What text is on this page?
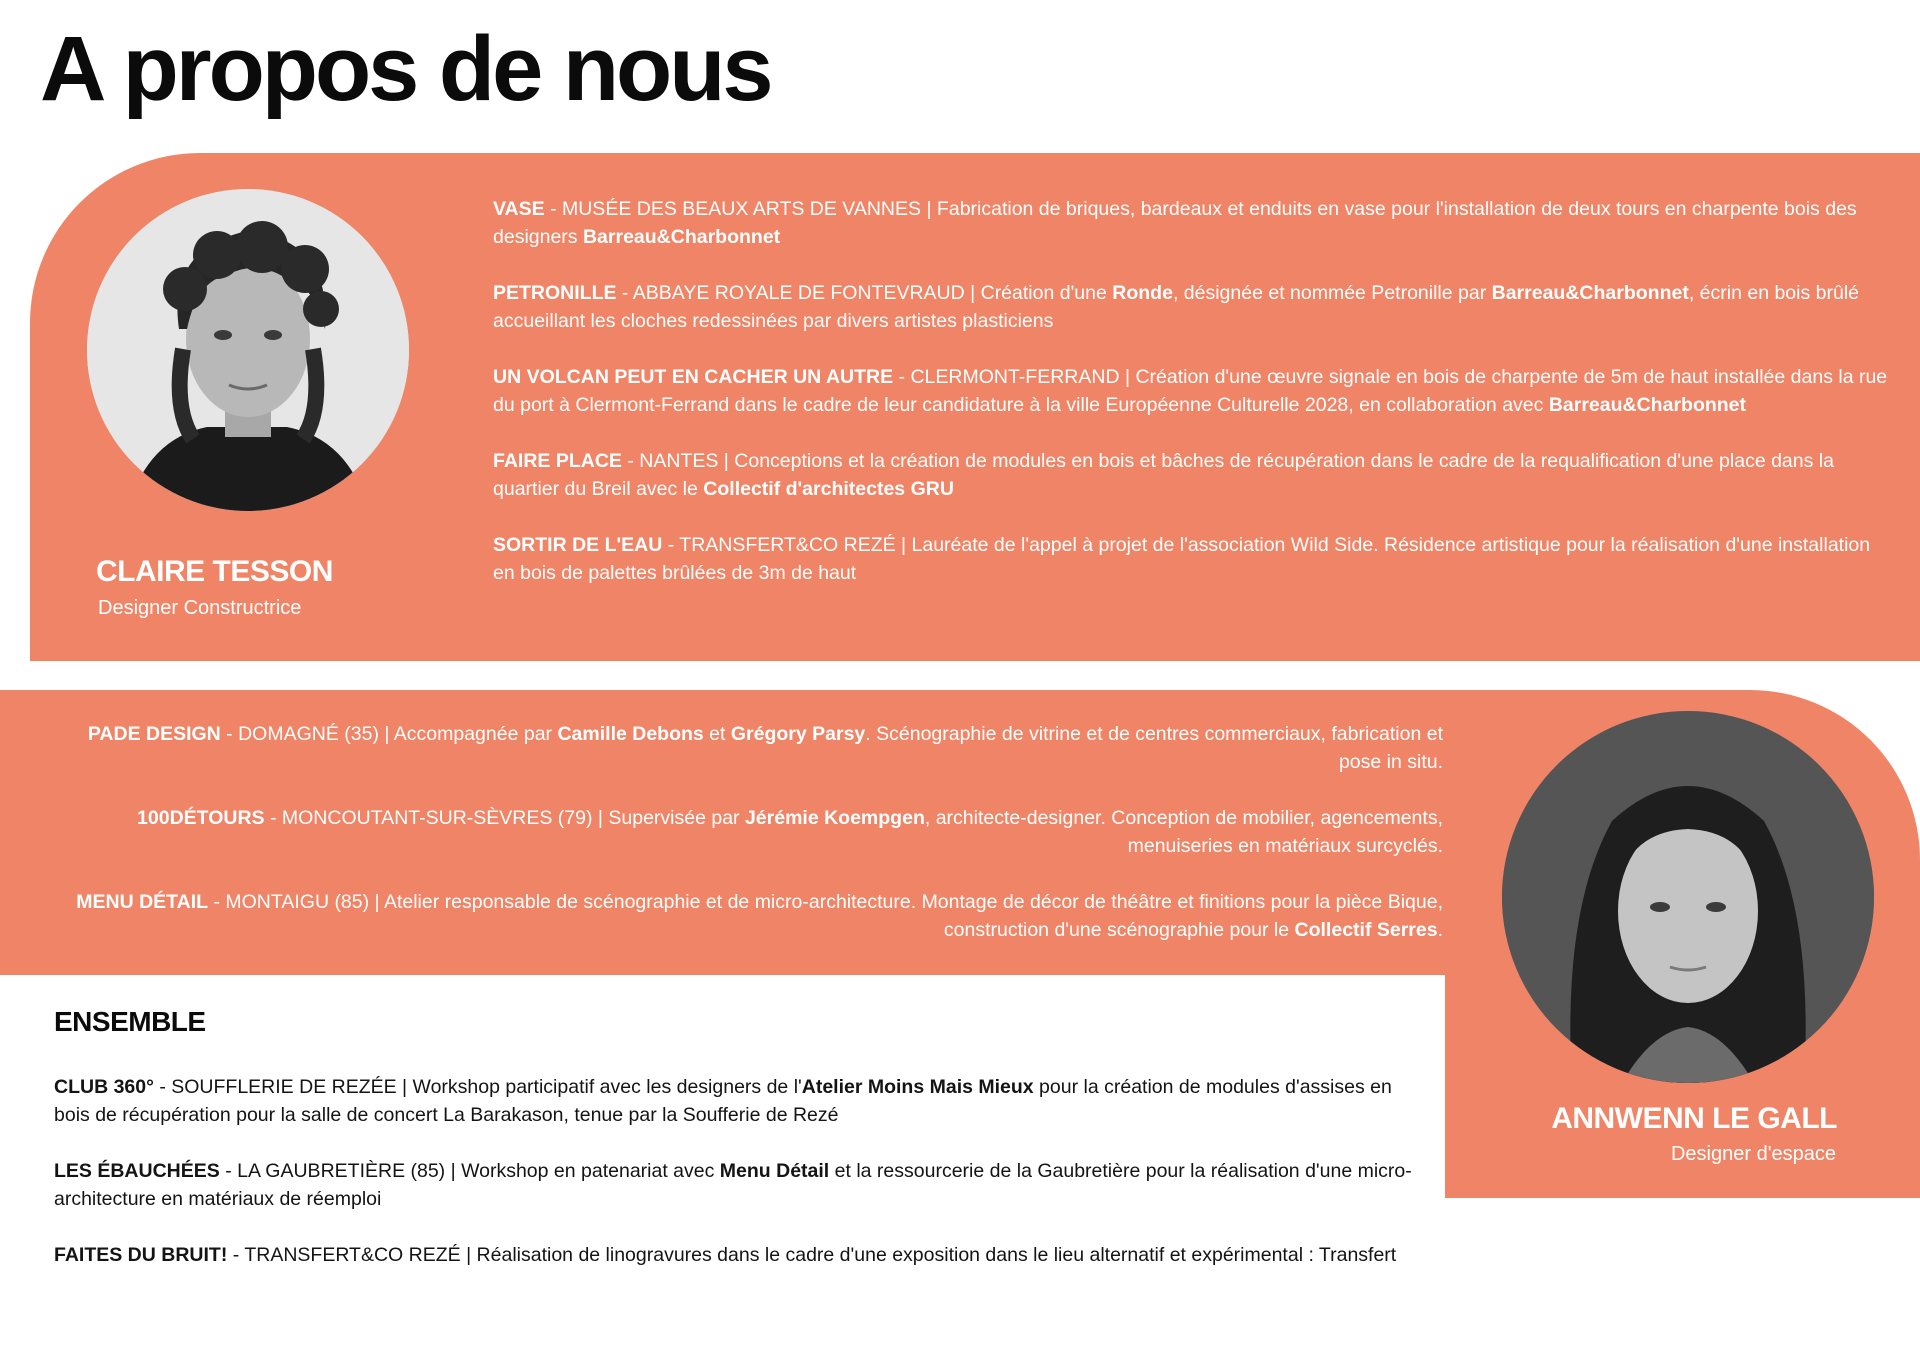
A propos de nous
CLAIRE TESSON

Designer Constructrice

VASE - MUSÉE DES BEAUX ARTS DE VANNES | Fabrication de briques, bardeaux et enduits en vase pour l'installation de deux tours en charpente bois des designers Barreau&Charbonnet

PETRONILLE - ABBAYE ROYALE DE FONTEVRAUD | Création d'une Ronde, désignée et nommée Petronille par Barreau&Charbonnet, écrin en bois brûlé accueillant les cloches redessinées par divers artistes plasticiens

UN VOLCAN PEUT EN CACHER UN AUTRE - CLERMONT-FERRAND | Création d'une œuvre signale en bois de charpente de 5m de haut installée dans la rue du port à Clermont-Ferrand dans le cadre de leur candidature à la ville Européenne Culturelle 2028, en collaboration avec Barreau&Charbonnet

FAIRE PLACE - NANTES | Conceptions et la création de modules en bois et bâches de récupération dans le cadre de la requalification d'une place dans la quartier du Breil avec le Collectif d'architectes GRU

SORTIR DE L'EAU - TRANSFERT&CO REZÉ | Lauréate de l'appel à projet de l'association Wild Side. Résidence artistique pour la réalisation d'une installation en bois de palettes brûlées de 3m de haut

ANNWENN LE GALL

Designer d'espace

PADE DESIGN - DOMAGNÉ (35) | Accompagnée par Camille Debons et Grégory Parsy. Scénographie de vitrine et de centres commerciaux, fabrication et pose in situ.

100DÉTOURS - MONCOUTANT-SUR-SÈVRES (79) | Supervisée par Jérémie Koempgen, architecte-designer. Conception de mobilier, agencements, menuiseries en matériaux surcyclés.

MENU DÉTAIL - MONTAIGU (85) | Atelier responsable de scénographie et de micro-architecture. Montage de décor de théâtre et finitions pour la pièce Bique, construction d'une scénographie pour le Collectif Serres.

ENSEMBLE

CLUB 360° - SOUFFLERIE DE REZÉE | Workshop participatif avec les designers de l'Atelier Moins Mais Mieux pour la création de modules d'assises en bois de récupération pour la salle de concert La Barakason, tenue par la Soufferie de Rezé

LES ÉBAUCHÉES - LA GAUBRETIÈRE (85) | Workshop en patenariat avec Menu Détail et la ressourcerie de la Gaubretière pour la réalisation d'une micro-architecture en matériaux de réemploi

FAITES DU BRUIT! - TRANSFERT&CO REZÉ | Réalisation de linogravures dans le cadre d'une exposition dans le lieu alternatif et expérimental : Transfert
